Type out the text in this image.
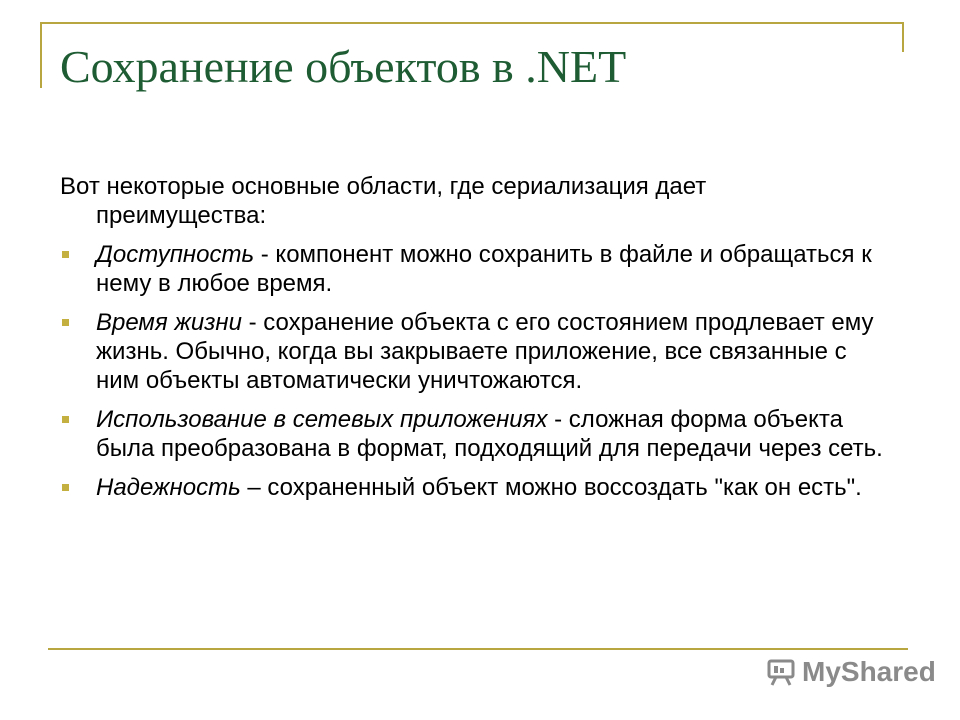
Сохранение объектов в .NET
Вот некоторые основные области, где сериализация дает
преимущества:
Доступность - компонент можно сохранить в файле и обращаться к нему в любое время.
Время жизни - сохранение объекта с его состоянием продлевает ему жизнь. Обычно, когда вы закрываете приложение, все связанные с ним объекты автоматически уничтожаются.
Использование в сетевых приложениях - сложная форма объекта была преобразована в формат, подходящий для передачи через сеть.
Надежность – сохраненный объект можно воссоздать "как он есть".
MyShared
